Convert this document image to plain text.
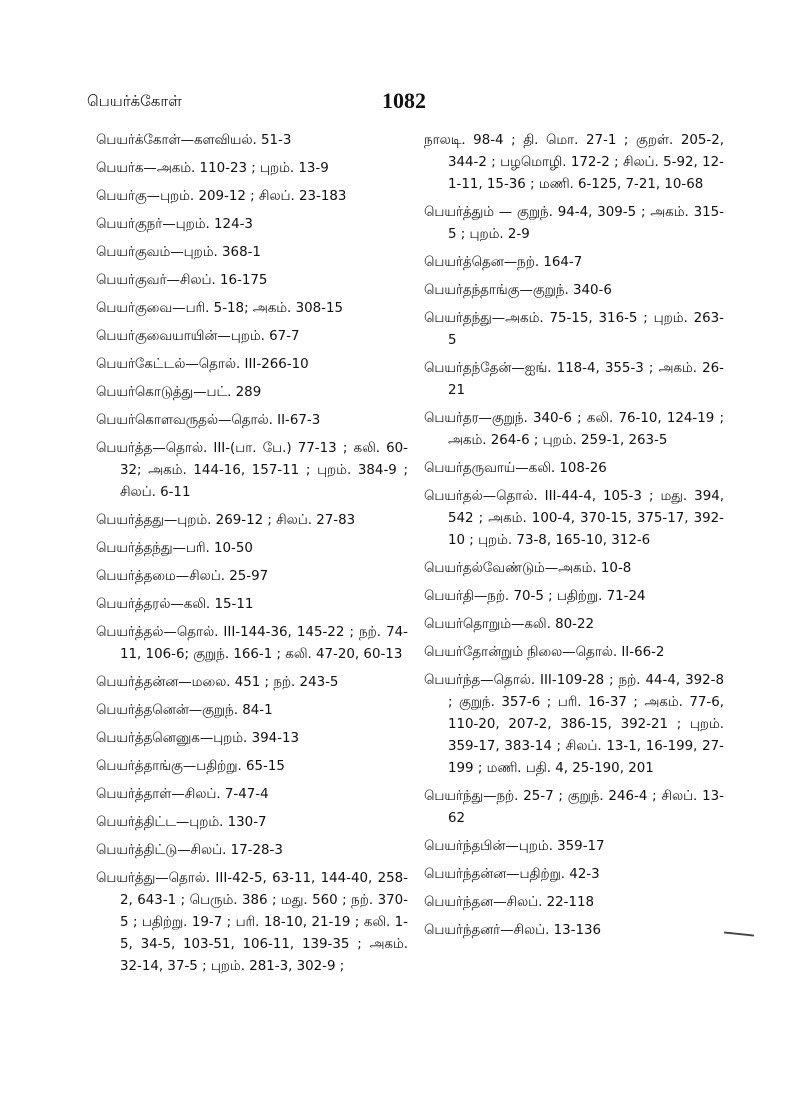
பெயர்க்கோள்	1082
பெயர்க்கோள்—களவியல். 51-3
பெயர்க—அகம். 110-23 ; புறம். 13-9
பெயர்கு—புறம். 209-12 ; சிலப். 23-183
பெயர்குநர்—புறம். 124-3
பெயர்குவம்—புறம். 368-1
பெயர்குவர்—சிலப். 16-175
பெயர்குவை—பரி. 5-18; அகம். 308-15
பெயர்குவையாயின்—புறம். 67-7
பெயர்கேட்டல்—தொல். III-266-10
பெயர்கொடுத்து—பட். 289
பெயர்கொளவருதல்—தொல். II-67-3
பெயர்த்த—தொல். III-(பா. பே.) 77-13 ; கலி. 60-32; அகம். 144-16, 157-11 ; புறம். 384-9 ; சிலப். 6-11
பெயர்த்தது—புறம். 269-12 ; சிலப். 27-83
பெயர்த்தந்து—பரி. 10-50
பெயர்த்தமை—சிலப். 25-97
பெயர்த்தரல்—கலி. 15-11
பெயர்த்தல்—தொல். III-144-36, 145-22 ; நற். 74-11, 106-6; குறுந். 166-1 ; கலி. 47-20, 60-13
பெயர்த்தன்ன—மலை. 451 ; நற். 243-5
பெயர்த்தனென்—குறுந். 84-1
பெயர்த்தனெனுக—புறம். 394-13
பெயர்த்தாங்கு—பதிற்று. 65-15
பெயர்த்தாள்—சிலப். 7-47-4
பெயர்த்திட்ட—புறம். 130-7
பெயர்த்திட்டு—சிலப். 17-28-3
பெயர்த்து—தொல். III-42-5, 63-11, 144-40, 258-2, 643-1 ; பெரும். 386 ; மது. 560 ; நற். 370-5 ; பதிற்று. 19-7 ; பரி. 18-10, 21-19 ; கலி. 1-5, 34-5, 103-51, 106-11, 139-35 ; அகம். 32-14, 37-5 ; புறம். 281-3, 302-9 ;
நாலடி. 98-4 ; தி. மொ. 27-1 ; குறள். 205-2, 344-2 ; பழமொழி. 172-2 ; சிலப். 5-92, 12-1-11, 15-36 ; மணி. 6-125, 7-21, 10-68
பெயர்த்தும் — குறுந். 94-4, 309-5 ; அகம். 315-5 ; புறம். 2-9
பெயர்த்தென—நற். 164-7
பெயர்தந்தாங்கு—குறுந். 340-6
பெயர்தந்து—அகம். 75-15, 316-5 ; புறம். 263-5
பெயர்தந்தேன்—ஐங். 118-4, 355-3 ; அகம். 26-21
பெயர்தர—குறுந். 340-6 ; கலி. 76-10, 124-19 ; அகம். 264-6 ; புறம். 259-1, 263-5
பெயர்தருவாய்—கலி. 108-26
பெயர்தல்—தொல். III-44-4, 105-3 ; மது. 394, 542 ; அகம். 100-4, 370-15, 375-17, 392-10 ; புறம். 73-8, 165-10, 312-6
பெயர்தல்வேண்டும்—அகம். 10-8
பெயர்தி—நற். 70-5 ; பதிற்று. 71-24
பெயர்தொறும்—கலி. 80-22
பெயர்தோன்றும் நிலை—தொல். II-66-2
பெயர்ந்த—தொல். III-109-28 ; நற். 44-4, 392-8 ; குறுந். 357-6 ; பரி. 16-37 ; அகம். 77-6, 110-20, 207-2, 386-15, 392-21 ; புறம். 359-17, 383-14 ; சிலப். 13-1, 16-199, 27-199 ; மணி. பதி. 4, 25-190, 201
பெயர்ந்து—நற். 25-7 ; குறுந். 246-4 ; சிலப். 13-62
பெயர்ந்தபின்—புறம். 359-17
பெயர்ந்தன்ன—பதிற்று. 42-3
பெயர்ந்தன—சிலப். 22-118
பெயர்ந்தனர்—சிலப். 13-136
